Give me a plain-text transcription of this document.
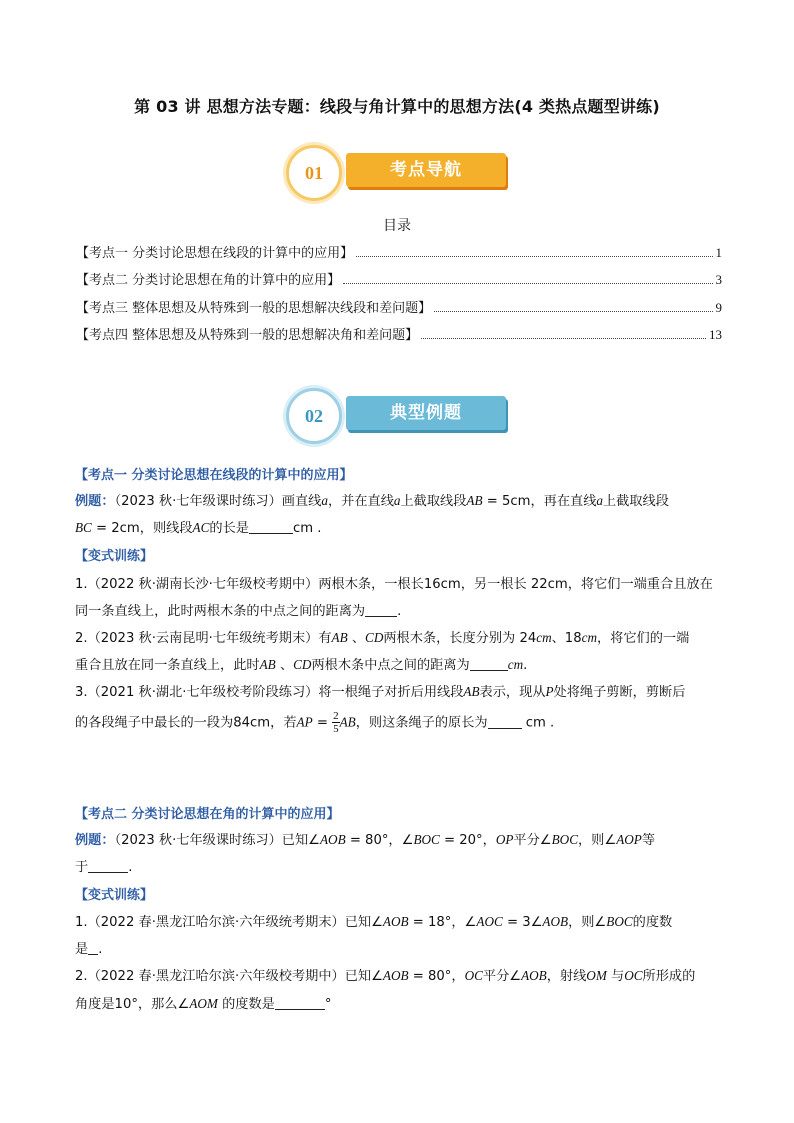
第 03 讲 思想方法专题：线段与角计算中的思想方法(4 类热点题型讲练)
考点导航
01
目录
【考点一 分类讨论思想在线段的计算中的应用】	1
【考点二 分类讨论思想在角的计算中的应用】	3
【考点三 整体思想及从特殊到一般的思想解决线段和差问题】	9
【考点四 整体思想及从特殊到一般的思想解决角和差问题】	13
典型例题
02
【考点一 分类讨论思想在线段的计算中的应用】
例题：（2023 秋·七年级课时练习）画直线a，并在直线a上截取线段AB = 5cm，再在直线a上截取线段
BC = 2cm，则线段AC的长是	cm .
【变式训练】
1.（2022 秋·湖南长沙·七年级校考期中）两根木条，一根长16cm，另一根长 22cm，将它们一端重合且放在
同一条直线上，此时两根木条的中点之间的距离为 .
2.（2023 秋·云南昆明·七年级统考期末）有AB 、CD两根木条，长度分别为 24cm、18cm，将它们的一端
重合且放在同一条直线上，此时AB 、CD两根木条中点之间的距离为	cm.
3.（2021 秋·湖北·七年级校考阶段练习）将一根绳子对折后用线段AB表示，现从P处将绳子剪断，剪断后
的各段绳子中最长的一段为84cm，若AP = $\frac{2}{5}$ AB，则这条绳子的原长为	cm .
【考点二 分类讨论思想在角的计算中的应用】
例题：（2023 秋·七年级课时练习）已知∠AOB = 80°，∠BOC = 20°，OP平分∠BOC，则∠AOP等
于	.
【变式训练】
1.（2022 春·黑龙江哈尔滨·六年级统考期末）已知∠AOB = 18°，∠AOC = 3∠AOB，则∠BOC的度数
是 .
2.（2022 春·黑龙江哈尔滨·六年级校考期中）已知∠AOB = 80°，OC平分∠AOB，射线OM 与OC所形成的
角度是10°，那么∠AOM 的度数是	°
